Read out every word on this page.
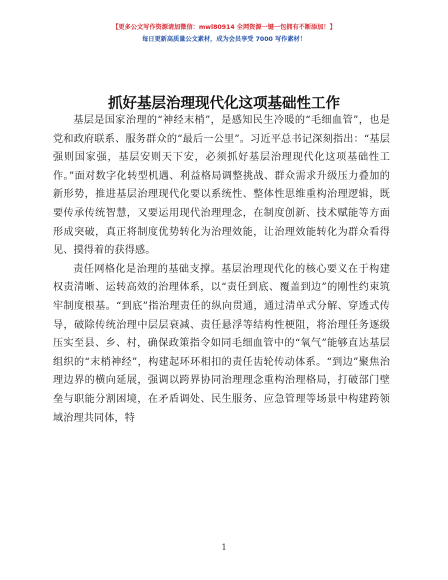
【更多公文写作资源请加微信：mwl80914 全网资源一键一包拥有不断添加！】
每日更新高质量公文素材，成为会员享受 7000 写作素材！
抓好基层治理现代化这项基础性工作

基层是国家治理的“神经末梢”，是感知民生冷暖的“毛细血管”，也是党和政府联系、服务群众的“最后一公里”。习近平总书记深刻指出：“基层强则国家强，基层安则天下安，必须抓好基层治理现代化这项基础性工作。”面对数字化转型机遇、利益格局调整挑战、群众需求升级压力叠加的新形势，推进基层治理现代化要以系统性、整体性思维重构治理逻辑，既要传承传统智慧，又要运用现代治理理念，在制度创新、技术赋能等方面形成突破，真正将制度优势转化为治理效能，让治理效能转化为群众看得见、摸得着的获得感。

责任网格化是治理的基础支撑。基层治理现代化的核心要义在于构建权责清晰、运转高效的治理体系，以“责任到底、覆盖到边”的刚性约束筑牢制度根基。“到底”指治理责任的纵向贯通，通过清单式分解、穿透式传导，破除传统治理中层层衰减、责任悬浮等结构性梗阻，将治理任务逐级压实至县、乡、村，确保政策指令如同毛细血管中的“氧气”能够直达基层组织的“末梢神经”，构建起环环相扣的责任齿轮传动体系。“到边”聚焦治理边界的横向延展，强调以跨界协同治理理念重构治理格局，打破部门壁垒与职能分割困境，在矛盾调处、民生服务、应急管理等场景中构建跨领域治理共同体，特

1
